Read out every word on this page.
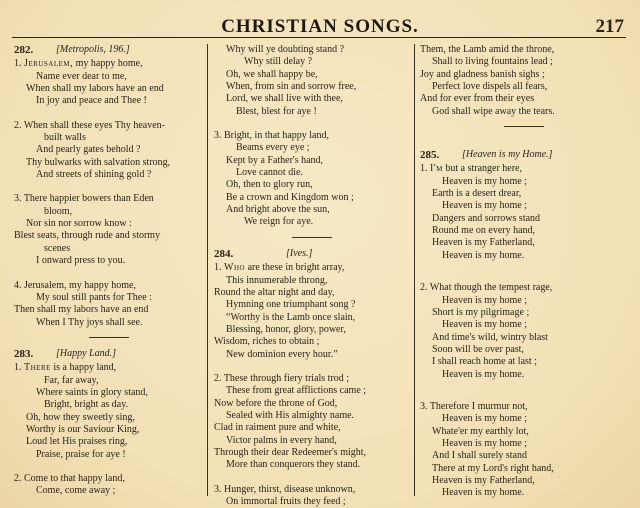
CHRISTIAN SONGS.	217
282.	[Metropolis, 196.]
1. Jerusalem, my happy home,
Name ever dear to me,
When shall my labors have an end
In joy and peace and Thee !
2. When shall these eyes Thy heaven-
built walls
And pearly gates behold ?
Thy bulwarks with salvation strong,
And streets of shining gold ?
3. There happier bowers than Eden
bloom,
Nor sin nor sorrow know :
Blest seats, through rude and stormy
scenes
I onward press to you.
4. Jerusalem, my happy home,
My soul still pants for Thee :
Then shall my labors have an end
When I Thy joys shall see.
283.	[Happy Land.]
1. There is a happy land,
Far, far away,
Where saints in glory stand,
Bright, bright as day.
Oh, how they sweetly sing,
Worthy is our Saviour King,
Loud let His praises ring,
Praise, praise for aye !
2. Come to that happy land,
Come, come away ;
Why will ye doubting stand ?
Why still delay ?
Oh, we shall happy be,
When, from sin and sorrow free,
Lord, we shall live with thee,
Blest, blest for aye !
3. Bright, in that happy land,
Beams every eye ;
Kept by a Father's hand,
Love cannot die.
Oh, then to glory run,
Be a crown and Kingdom won ;
And bright above the sun,
We reign for aye.
284.	[Ives.]
1. Who are these in bright array,
This innumerable throng,
Round the altar night and day,
Hymning one triumphant song ?
“Worthy is the Lamb once slain,
Blessing, honor, glory, power,
Wisdom, riches to obtain ;
New dominion every hour.”
2. These through fiery trials trod ;
These from great afflictions came ;
Now before the throne of God,
Sealed with His almighty name.
Clad in raiment pure and white,
Victor palms in every hand,
Through their dear Redeemer's might,
More than conquerors they stand.
3. Hunger, thirst, disease unknown,
On immortal fruits they feed ;
Them, the Lamb amid the throne,
Shall to living fountains lead ;
Joy and gladness banish sighs ;
Perfect love dispels all fears,
And for ever from their eyes
God shall wipe away the tears.
285.	[Heaven is my Home.]
1. I'm but a stranger here,
Heaven is my home ;
Earth is a desert drear,
Heaven is my home ;
Dangers and sorrows stand
Round me on every hand,
Heaven is my Fatherland,
Heaven is my home.
2. What though the tempest rage,
Heaven is my home ;
Short is my pilgrimage ;
Heaven is my home ;
And time's wild, wintry blast
Soon will be over past,
I shall reach home at last ;
Heaven is my home.
3. Therefore I murmur not,
Heaven is my home ;
Whate'er my earthly lot,
Heaven is my home ;
And I shall surely stand
There at my Lord's right hand,
Heaven is my Fatherland,
Heaven is my home.
